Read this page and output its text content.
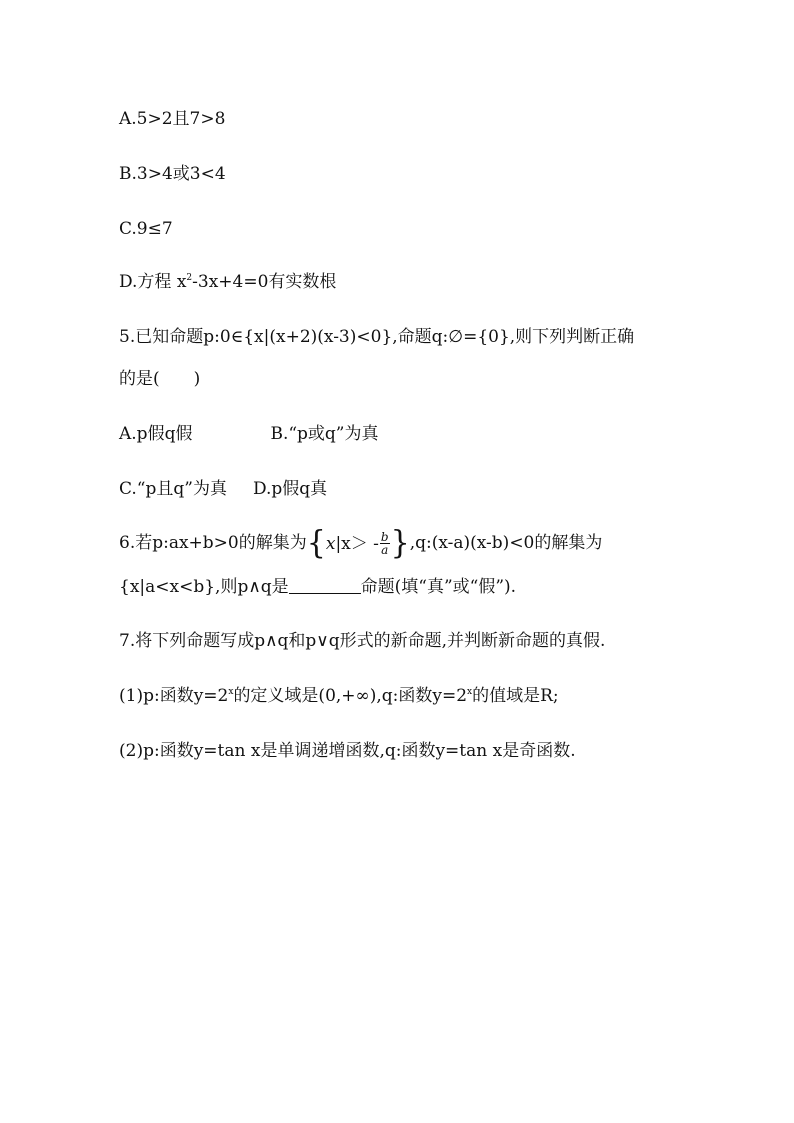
A.5>2且7>8
B.3>4或3<4
C.9≤7
D.方程 $x^2-3x+4=0$有实数根
5.已知命题p:0∈{x|(x+2)(x-3)<0},命题q:∅={0},则下列判断正确
的是(　　)
A.p假q假	B.“p或q”为真
C.“p且q”为真 D.p假q真
6.若p:ax+b>0的解集为 { x $|x> - \frac{b}{a}$ } ,q:(x-a)(x-b)<0的解集为
{x|a<x<b},则p∧q是	命题(填“真”或“假”).
7.将下列命题写成p∧q和p∨q形式的新命题,并判断新命题的真假.
(1)p:函数$y=2^x$的定义域是(0,+∞),q:函数$y=2^x$的值域是R;
(2)p:函数y=tan x是单调递增函数,q:函数y=tan x是奇函数.
